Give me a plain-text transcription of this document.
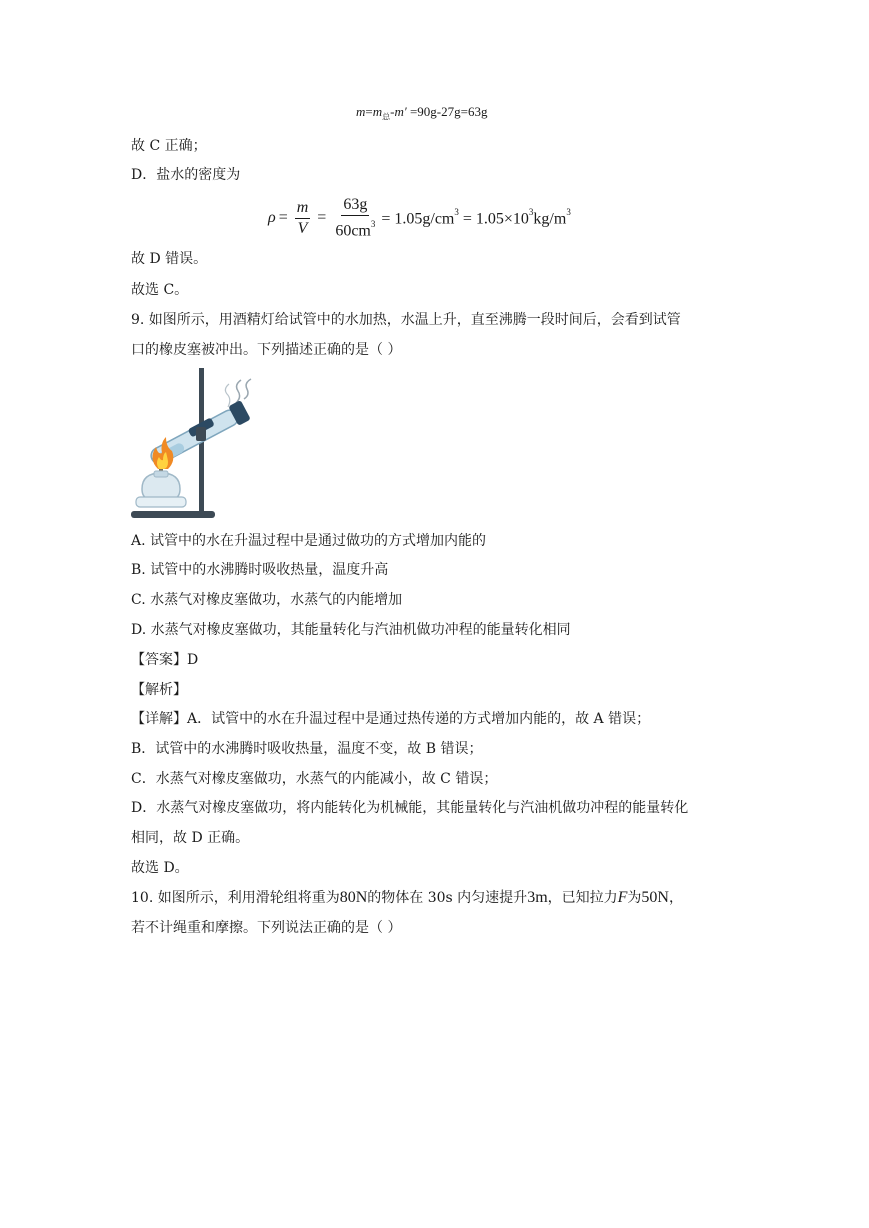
$m=m_总-m' =90g-27g=63g$
故 C 正确；
D．盐水的密度为
$\rho = \frac{m}{V} = \frac{63g}{60cm^3} = 1.05g/cm^3 = 1.05\times 10^3kg/m^3$
故 D 错误。
故选 C。
9. 如图所示，用酒精灯给试管中的水加热，水温上升，直至沸腾一段时间后，会看到试管
口的橡皮塞被冲出。下列描述正确的是（ ）
A. 试管中的水在升温过程中是通过做功的方式增加内能的
B. 试管中的水沸腾时吸收热量，温度升高
C. 水蒸气对橡皮塞做功，水蒸气的内能增加
D. 水蒸气对橡皮塞做功，其能量转化与汽油机做功冲程的能量转化相同
【答案】D
【解析】
【详解】A．试管中的水在升温过程中是通过热传递的方式增加内能的，故 A 错误；
B．试管中的水沸腾时吸收热量，温度不变，故 B 错误；
C．水蒸气对橡皮塞做功，水蒸气的内能减小，故 C 错误；
D．水蒸气对橡皮塞做功，将内能转化为机械能，其能量转化与汽油机做功冲程的能量转化
相同，故 D 正确。
故选 D。
10. 如图所示，利用滑轮组将重为80N的物体在 30s 内匀速提升3m，已知拉力F为50N，
若不计绳重和摩擦。下列说法正确的是（ ）
